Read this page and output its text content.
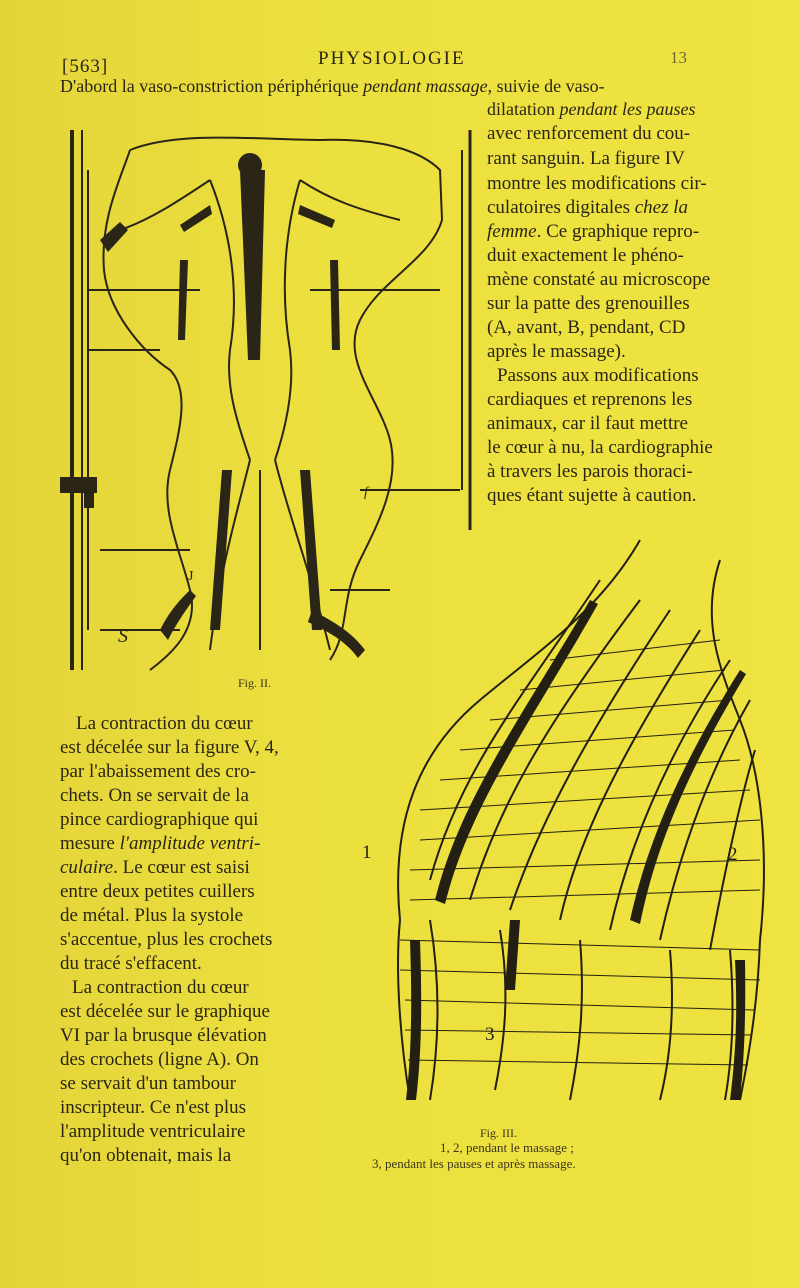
[563]	PHYSIOLOGIE	13
D'abord la vaso-constriction périphérique pendant massage, suivie de vaso-
dilatation pendant les pauses
avec renforcement du cou-
rant sanguin. La figure IV
montre les modifications cir-
culatoires digitales chez la
femme. Ce graphique repro-
duit exactement le phéno-
mène constaté au microscope
sur la patte des grenouilles
(A, avant, B, pendant, CD
après le massage).
Passons aux modifications
cardiaques et reprenons les
animaux, car il faut mettre
le cœur à nu, la cardiographie
à travers les parois thoraci-
ques étant sujette à caution.
S
J
f
Fig. II.
La contraction du cœur
est décelée sur la figure V, 4,
par l'abaissement des cro-
chets. On se servait de la
pince cardiographique qui
mesure l'amplitude ventri-
culaire. Le cœur est saisi
entre deux petites cuillers
de métal. Plus la systole
s'accentue, plus les crochets
du tracé s'effacent.
La contraction du cœur
est décelée sur le graphique
VI par la brusque élévation
des crochets (ligne A). On
se servait d'un tambour
inscripteur. Ce n'est plus
l'amplitude ventriculaire
qu'on obtenait, mais la
1	2
3
Fig. III.
1, 2, pendant le massage ;
3, pendant les pauses et après massage.
